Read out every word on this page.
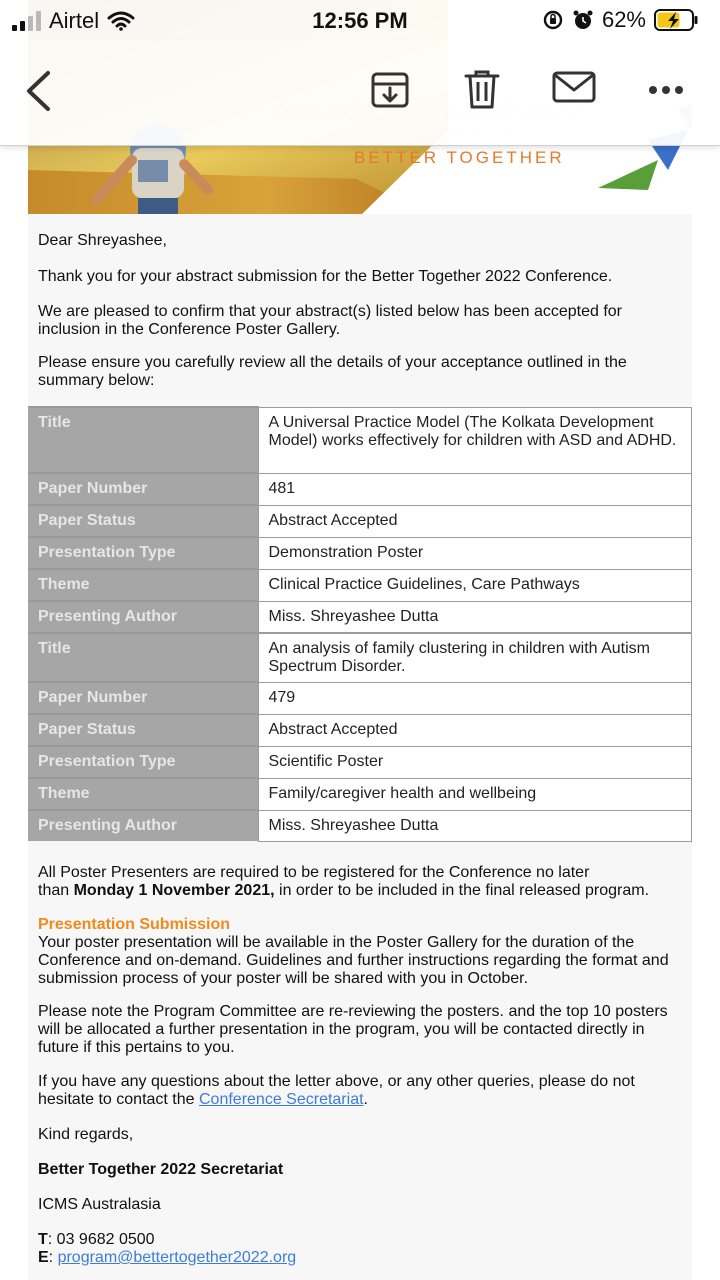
BETTER TOGETHER
Airtel	12:56 PM	62%

Dear Shreyashee,

Thank you for your abstract submission for the Better Together 2022 Conference.

We are pleased to confirm that your abstract(s) listed below has been accepted for inclusion in the Conference Poster Gallery.

Please ensure you carefully review all the details of your acceptance outlined in the summary below:

Title	A Universal Practice Model (The Kolkata Development Model) works effectively for children with ASD and ADHD.
Paper Number	481
Paper Status	Abstract Accepted
Presentation Type	Demonstration Poster
Theme	Clinical Practice Guidelines, Care Pathways
Presenting Author	Miss. Shreyashee Dutta
Title	An analysis of family clustering in children with Autism Spectrum Disorder.
Paper Number	479
Paper Status	Abstract Accepted
Presentation Type	Scientific Poster
Theme	Family/caregiver health and wellbeing
Presenting Author	Miss. Shreyashee Dutta

All Poster Presenters are required to be registered for the Conference no later
than Monday 1 November 2021, in order to be included in the final released program.

Presentation Submission

Your poster presentation will be available in the Poster Gallery for the duration of the Conference and on-demand. Guidelines and further instructions regarding the format and submission process of your poster will be shared with you in October.

Please note the Program Committee are re-reviewing the posters. and the top 10 posters will be allocated a further presentation in the program, you will be contacted directly in future if this pertains to you.

If you have any questions about the letter above, or any other queries, please do not hesitate to contact the Conference Secretariat.

Kind regards,

Better Together 2022 Secretariat

ICMS Australasia

T: 03 9682 0500

E: program@bettertogether2022.org
